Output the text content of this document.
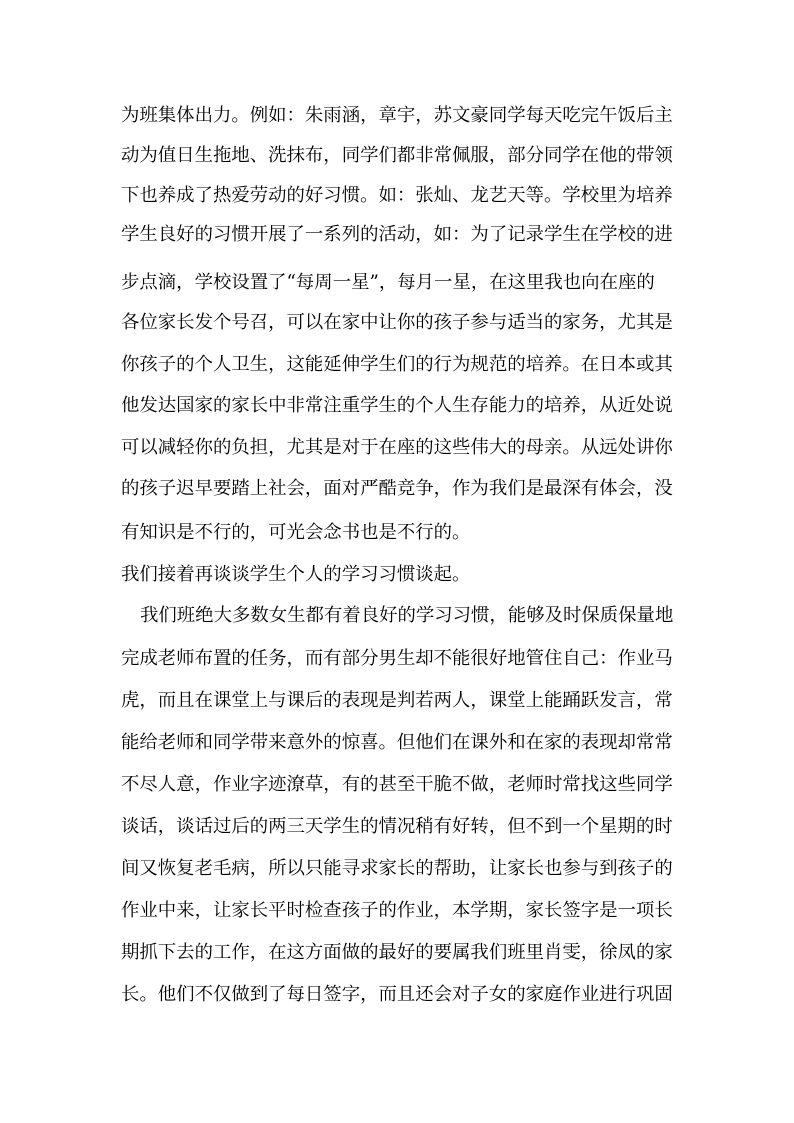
为班集体出力。例如：朱雨涵，章宇，苏文豪同学每天吃完午饭后主
动为值日生拖地、洗抹布，同学们都非常佩服，部分同学在他的带领
下也养成了热爱劳动的好习惯。如：张灿、龙艺天等。学校里为培养
学生良好的习惯开展了一系列的活动，如：为了记录学生在学校的进
步点滴，学校设置了“每周一星”，每月一星，在这里我也向在座的
各位家长发个号召，可以在家中让你的孩子参与适当的家务，尤其是
你孩子的个人卫生，这能延伸学生们的行为规范的培养。在日本或其
他发达国家的家长中非常注重学生的个人生存能力的培养，从近处说
可以减轻你的负担，尤其是对于在座的这些伟大的母亲。从远处讲你
的孩子迟早要踏上社会，面对严酷竞争，作为我们是最深有体会，没
有知识是不行的，可光会念书也是不行的。
我们接着再谈谈学生个人的学习习惯谈起。
我们班绝大多数女生都有着良好的学习习惯，能够及时保质保量地
完成老师布置的任务，而有部分男生却不能很好地管住自己：作业马
虎，而且在课堂上与课后的表现是判若两人，课堂上能踊跃发言，常
能给老师和同学带来意外的惊喜。但他们在课外和在家的表现却常常
不尽人意，作业字迹潦草，有的甚至干脆不做，老师时常找这些同学
谈话，谈话过后的两三天学生的情况稍有好转，但不到一个星期的时
间又恢复老毛病，所以只能寻求家长的帮助，让家长也参与到孩子的
作业中来，让家长平时检查孩子的作业，本学期，家长签字是一项长
期抓下去的工作，在这方面做的最好的要属我们班里肖雯，徐凤的家
长。他们不仅做到了每日签字，而且还会对子女的家庭作业进行巩固
